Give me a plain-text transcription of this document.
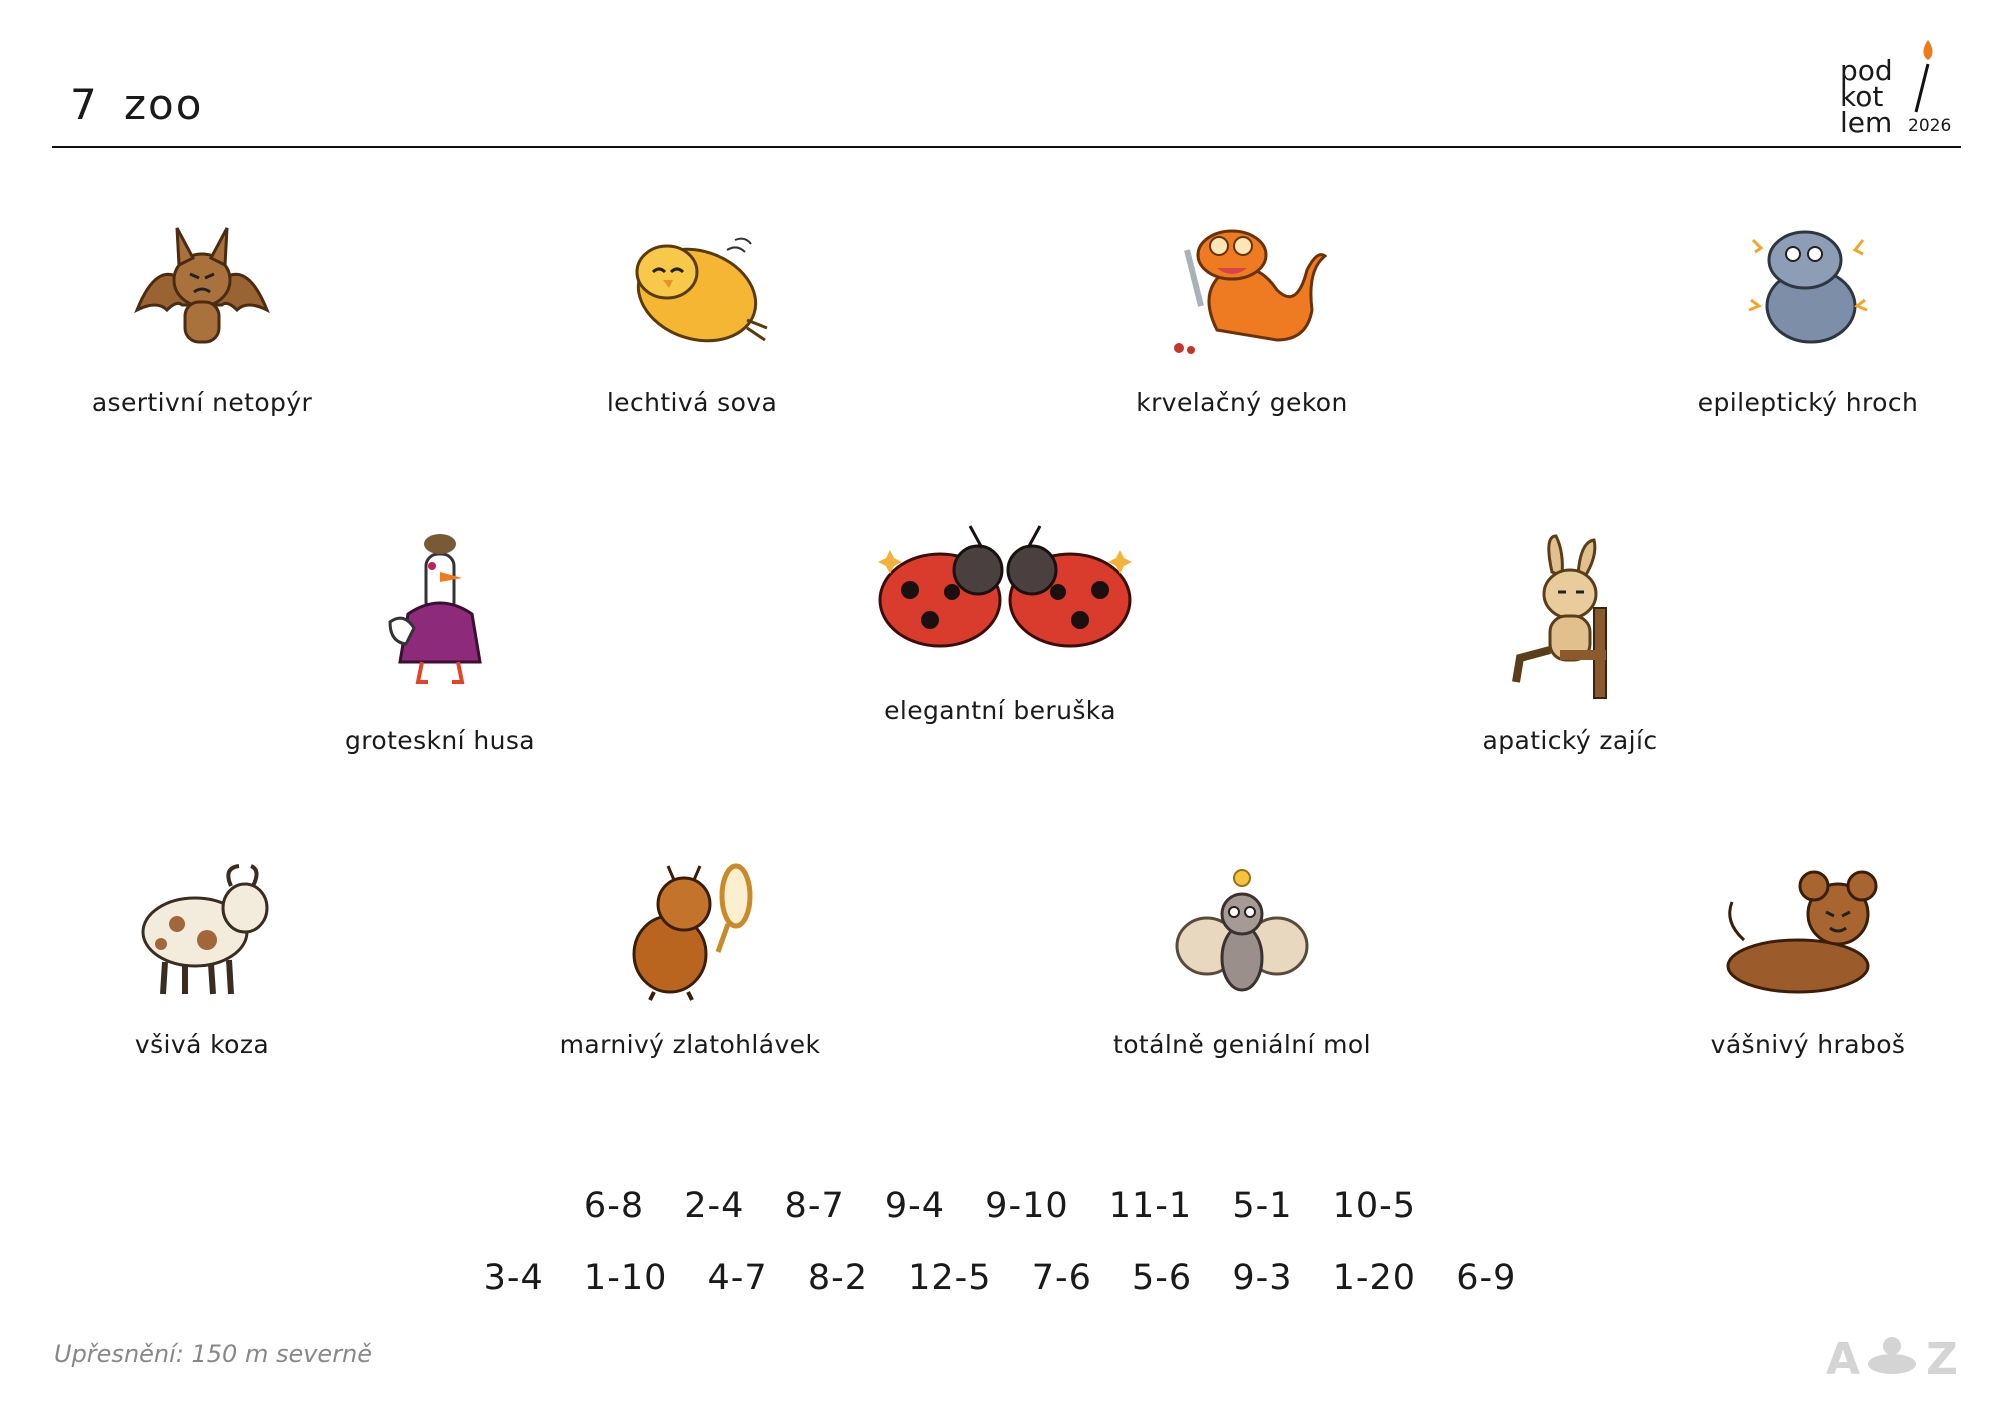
7 zoo
pod
kot
lem 2026
asertivní netopýr	lechtivá sova	krvelačný gekon	epileptický hroch
groteskní husa
elegantní beruška
apatický zajíc
všivá koza	marnivý zlatohlávek	totálně geniální mol	vášnivý hraboš
6-8 2-4 8-7 9-4 9-10 11-1 5-1 10-5
3-4 1-10 4-7 8-2 12-5 7-6 5-6 9-3 1-20 6-9
Upřesnění: 150 m severně	A Z
